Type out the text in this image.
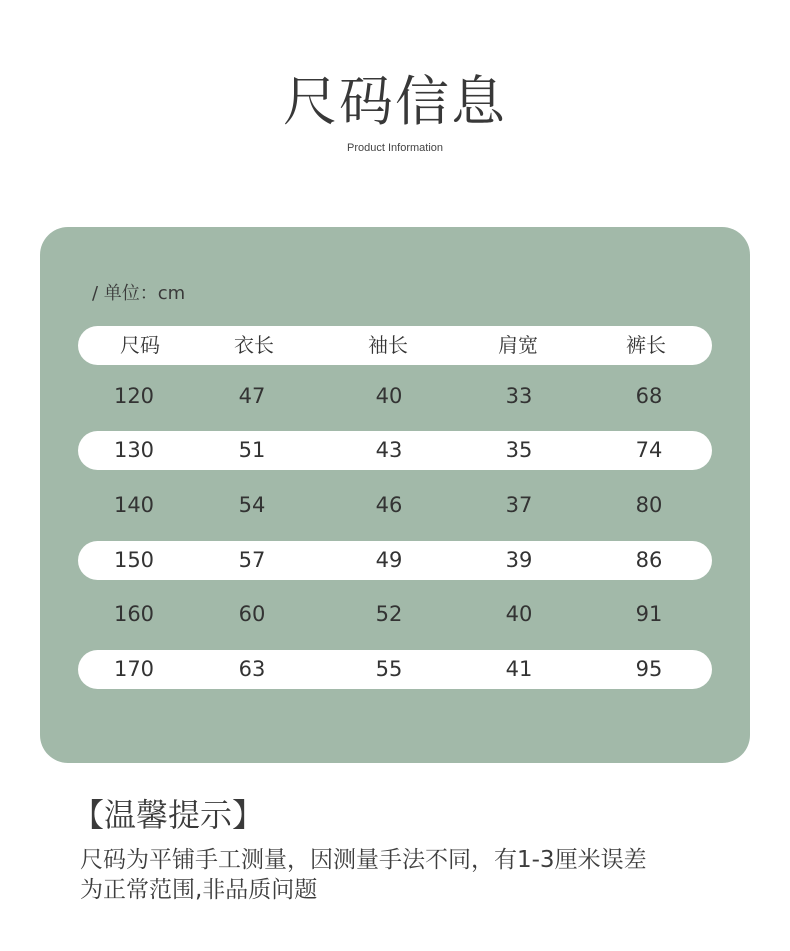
尺码信息
Product Information
/ 单位：cm
尺码	衣长	袖长	肩宽	裤长
120	47	40	33	68
130	51	43	35	74
140	54	46	37	80
150	57	49	39	86
160	60	52	40	91
170	63	55	41	95
【温馨提示】
尺码为平铺手工测量，因测量手法不同，有1-3厘米误差
为正常范围,非品质问题
